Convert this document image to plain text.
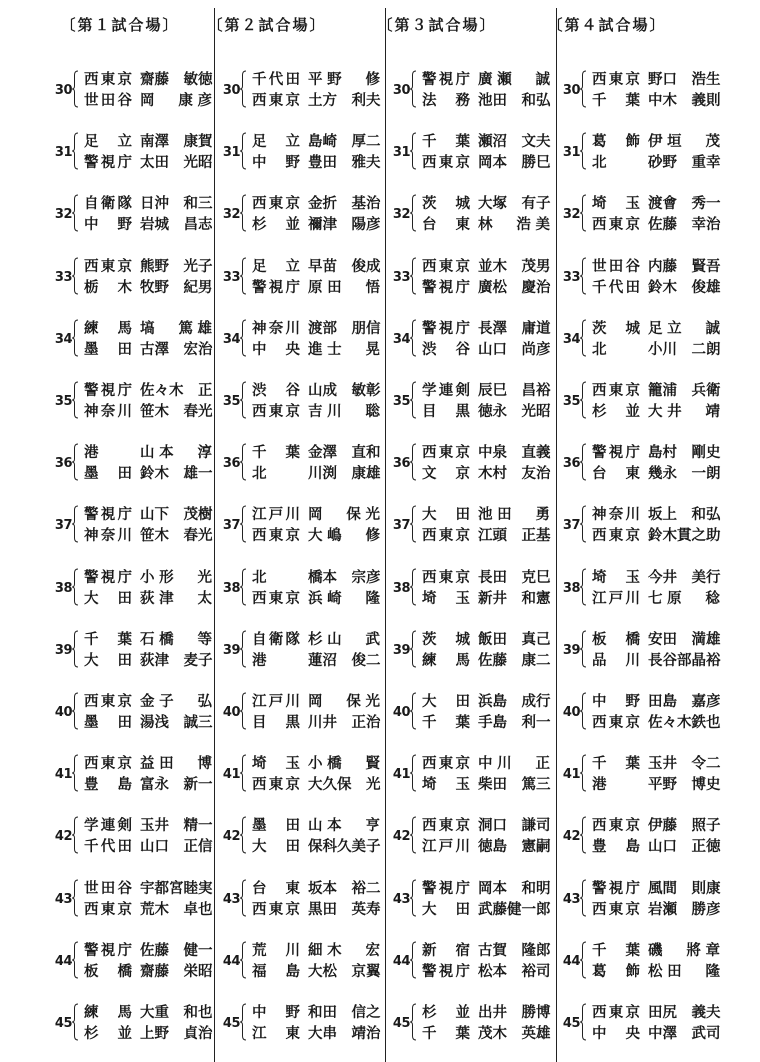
〔第１試合場〕
30
西東京 齋藤　敏徳
世田谷 岡　康彦
31
足　立 南澤　康賀
警視庁 太田　光昭
32
自衛隊 日沖　和三
中　野 岩城　昌志
33
西東京 熊野　光子
栃　木 牧野　紀男
34
練　馬 塙　篤雄
墨　田 古澤　宏治
35
警視庁 佐々木　正
神奈川 笹木　春光
36
港	山本　淳
墨　田 鈴木　雄一
37
警視庁 山下　茂樹
神奈川 笹木　春光
38
警視庁 小形　光
大　田 荻津　太
39
千　葉 石橋　等
大　田 荻津　麦子
40
西東京 金子　弘
墨　田 湯浅　誠三
41
西東京 益田　博
豊　島 富永　新一
42
学連剣 玉井　精一
千代田 山口　正信
43
世田谷 宇都宮睦実
西東京 荒木　卓也
44
警視庁 佐藤　健一
板　橋 齋藤　栄昭
45
練　馬 大重　和也
杉　並 上野　貞治
〔第２試合場〕
30
千代田 平野　修
西東京 土方　利夫
31
足　立 島崎　厚二
中　野 豊田　雅夫
32
西東京 金折　基治
杉　並 禰津　陽彦
33
足　立 早苗　俊成
警視庁 原田　悟
34
神奈川 渡部　朋信
中　央 進士　晃
35
渋　谷 山成　敏彰
西東京 吉川　聡
36
千　葉 金澤　直和
北	川渕　康雄
37
江戸川 岡　保光
西東京 大嶋　修
38
北	橋本　宗彦
西東京 浜崎　隆
39
自衛隊 杉山　武
港	蓮沼　俊二
40
江戸川 岡　保光
目　黒 川井　正治
41
埼　玉 小橋　賢
西東京 大久保　光
42
墨　田 山本　亨
大　田 保科久美子
43
台　東 坂本　裕二
西東京 黒田　英寿
44
荒　川 細木　宏
福　島 大松　京翼
45
中　野 和田　信之
江　東 大串　靖治
〔第３試合場〕
30
警視庁 廣瀬　誠
法　務 池田　和弘
31
千　葉 瀬沼　文夫
西東京 岡本　勝巳
32
茨　城 大塚　有子
台　東 林　浩美
33
西東京 並木　茂男
警視庁 廣松　慶治
34
警視庁 長澤　庸道
渋　谷 山口　尚彦
35
学連剣 辰巳　昌裕
目　黒 徳永　光昭
36
西東京 中泉　直義
文　京 木村　友治
37
大　田 池田　勇
西東京 江頭　正基
38
西東京 長田　克巳
埼　玉 新井　和憲
39
茨　城 飯田　真己
練　馬 佐藤　康二
40
大　田 浜島　成行
千　葉 手島　利一
41
西東京 中川　正
埼　玉 柴田　篤三
42
西東京 洞口　謙司
江戸川 徳島　憲嗣
43
警視庁 岡本　和明
大　田 武藤健一郎
44
新　宿 古賀　隆郎
警視庁 松本　裕司
45
杉　並 出井　勝博
千　葉 茂木　英雄
〔第４試合場〕
30
西東京 野口　浩生
千　葉 中木　義則
31
葛　飾 伊垣　茂
北	砂野　重幸
32
埼　玉 渡會　秀一
西東京 佐藤　幸治
33
世田谷 内藤　賢吾
千代田 鈴木　俊雄
34
茨　城 足立　誠
北	小川　二朗
35
西東京 籠浦　兵衛
杉　並 大井　靖
36
警視庁 島村　剛史
台　東 幾永　一朗
37
神奈川 坂上　和弘
西東京 鈴木貫之助
38
埼　玉 今井　美行
江戸川 七原　稔
39
板　橋 安田　満雄
品　川 長谷部晶裕
40
中　野 田島　嘉彦
西東京 佐々木鉄也
41
千　葉 玉井　令二
港	平野　博史
42
西東京 伊藤　照子
豊　島 山口　正徳
43
警視庁 風間　則康
西東京 岩瀬　勝彦
44
千　葉 磯　將章
葛　飾 松田　隆
45
西東京 田尻　義夫
中　央 中澤　武司
